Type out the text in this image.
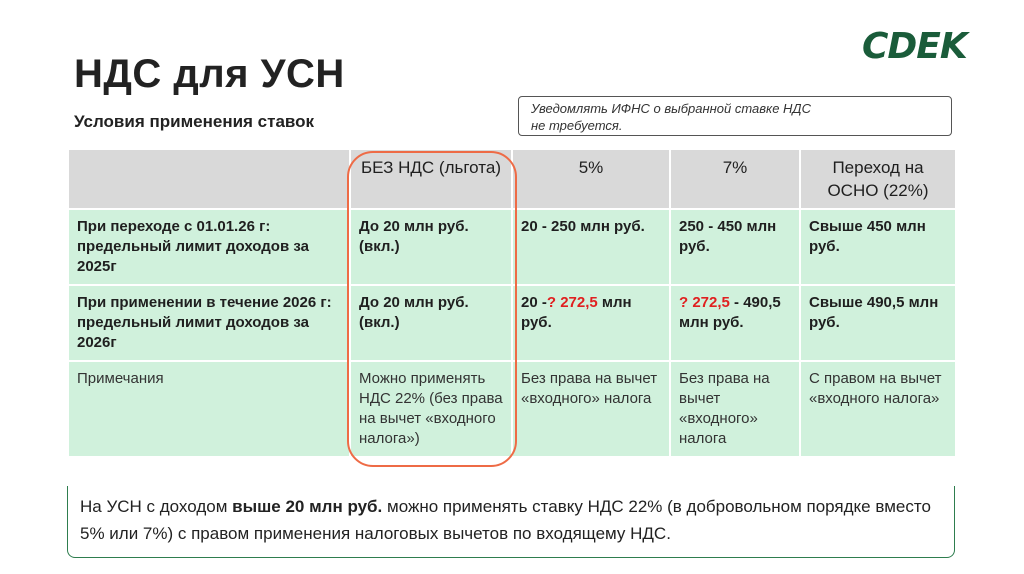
НДС для УСН
Условия применения ставок
СDEK
Уведомлять ИФНС о выбранной ставке НДС
не требуется.
	БЕЗ НДС (льгота)	5%	7%	Переход на ОСНО (22%)
При переходе с 01.01.26 г: предельный лимит доходов за 2025г	До 20 млн руб. (вкл.)	20 - 250 млн руб.	250 - 450 млн руб.	Свыше 450 млн руб.
При применении в течение 2026 г: предельный лимит доходов за 2026г	До 20 млн руб. (вкл.)	20 -? 272,5 млн руб.	? 272,5 - 490,5 млн руб.	Свыше 490,5 млн руб.
Примечания	Можно применять НДС 22% (без права на вычет «входного налога»)	Без права на вычет «входного» налога	Без права на вычет «входного» налога	С правом на вычет «входного налога»
На УСН с доходом выше 20 млн руб. можно применять ставку НДС 22% (в добровольном порядке вместо 5% или 7%) с правом применения налоговых вычетов по входящему НДС.
